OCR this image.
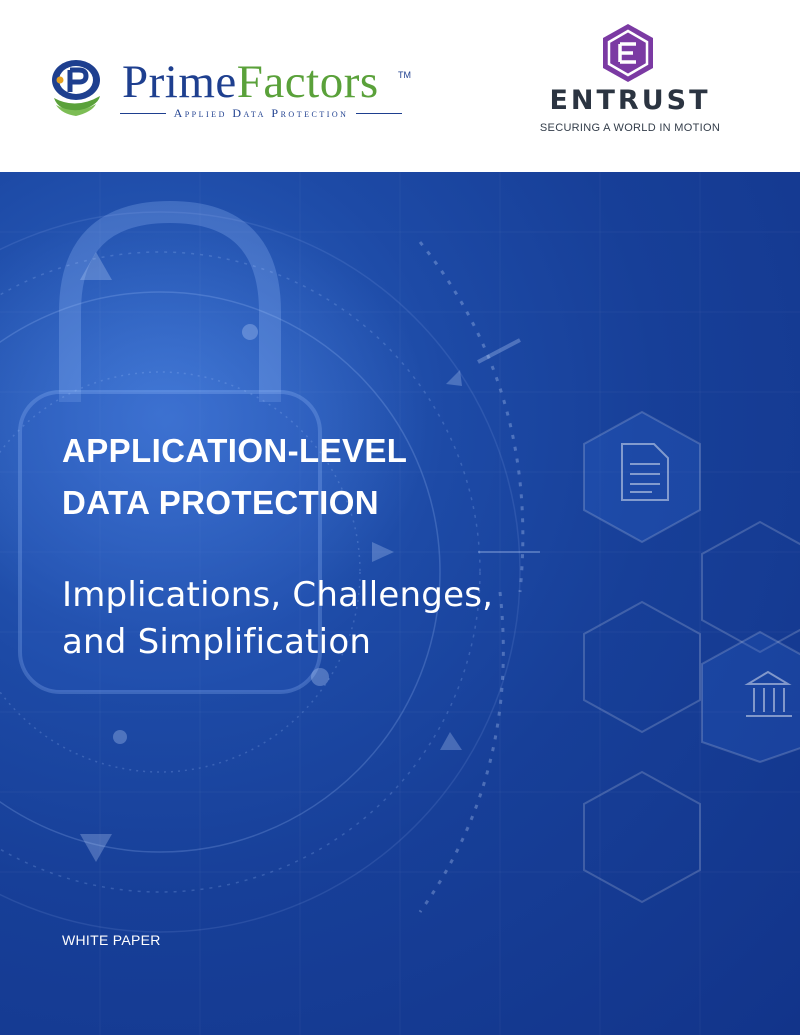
PrimeFactors TM
Applied Data Protection	ENTRUST
SECURING A WORLD IN MOTION
APPLICATION-LEVEL
DATA PROTECTION
Implications, Challenges,
and Simplification
WHITE PAPER
